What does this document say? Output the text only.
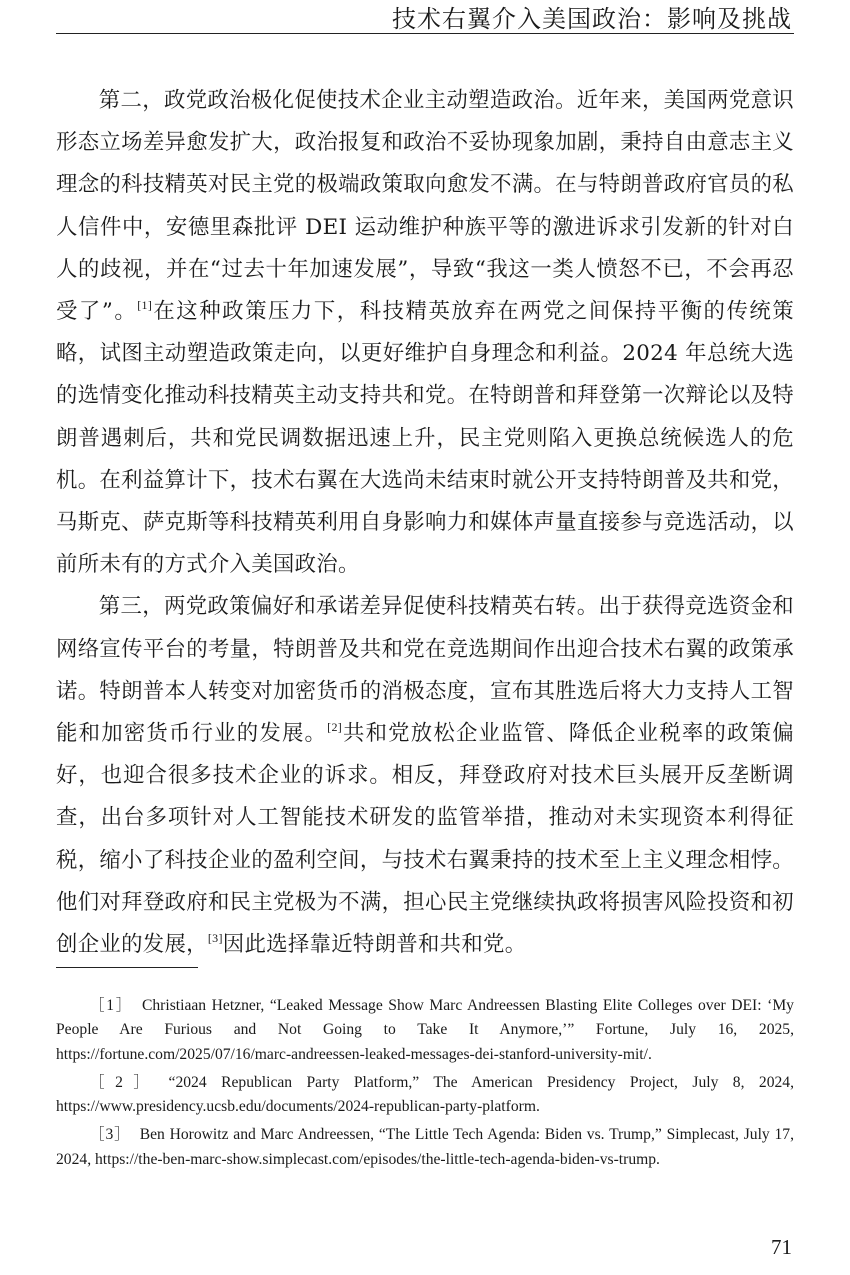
技术右翼介入美国政治：影响及挑战

第二，政党政治极化促使技术企业主动塑造政治。近年来，美国两党意识形态立场差异愈发扩大，政治报复和政治不妥协现象加剧，秉持自由意志主义理念的科技精英对民主党的极端政策取向愈发不满。在与特朗普政府官员的私人信件中，安德里森批评 DEI 运动维护种族平等的激进诉求引发新的针对白人的歧视，并在“过去十年加速发展”，导致“我这一类人愤怒不已，不会再忍受了”。[1]在这种政策压力下，科技精英放弃在两党之间保持平衡的传统策略，试图主动塑造政策走向，以更好维护自身理念和利益。2024 年总统大选的选情变化推动科技精英主动支持共和党。在特朗普和拜登第一次辩论以及特朗普遇刺后，共和党民调数据迅速上升，民主党则陷入更换总统候选人的危机。在利益算计下，技术右翼在大选尚未结束时就公开支持特朗普及共和党，马斯克、萨克斯等科技精英利用自身影响力和媒体声量直接参与竞选活动，以前所未有的方式介入美国政治。

第三，两党政策偏好和承诺差异促使科技精英右转。出于获得竞选资金和网络宣传平台的考量，特朗普及共和党在竞选期间作出迎合技术右翼的政策承诺。特朗普本人转变对加密货币的消极态度，宣布其胜选后将大力支持人工智能和加密货币行业的发展。[2]共和党放松企业监管、降低企业税率的政策偏好，也迎合很多技术企业的诉求。相反，拜登政府对技术巨头展开反垄断调查，出台多项针对人工智能技术研发的监管举措，推动对未实现资本利得征税，缩小了科技企业的盈利空间，与技术右翼秉持的技术至上主义理念相悖。他们对拜登政府和民主党极为不满，担心民主党继续执政将损害风险投资和初创企业的发展，[3]因此选择靠近特朗普和共和党。

［1］ Christiaan Hetzner, “Leaked Message Show Marc Andreessen Blasting Elite Colleges over DEI: ‘My People Are Furious and Not Going to Take It Anymore,’” Fortune, July 16, 2025, https://fortune.com/2025/07/16/marc-andreessen-leaked-messages-dei-stanford-university-mit/.

［2］ “2024 Republican Party Platform,” The American Presidency Project, July 8, 2024, https://www.presidency.ucsb.edu/documents/2024-republican-party-platform.

［3］ Ben Horowitz and Marc Andreessen, “The Little Tech Agenda: Biden vs. Trump,” Simplecast, July 17, 2024, https://the-ben-marc-show.simplecast.com/episodes/the-little-tech-agenda-biden-vs-trump.

71
